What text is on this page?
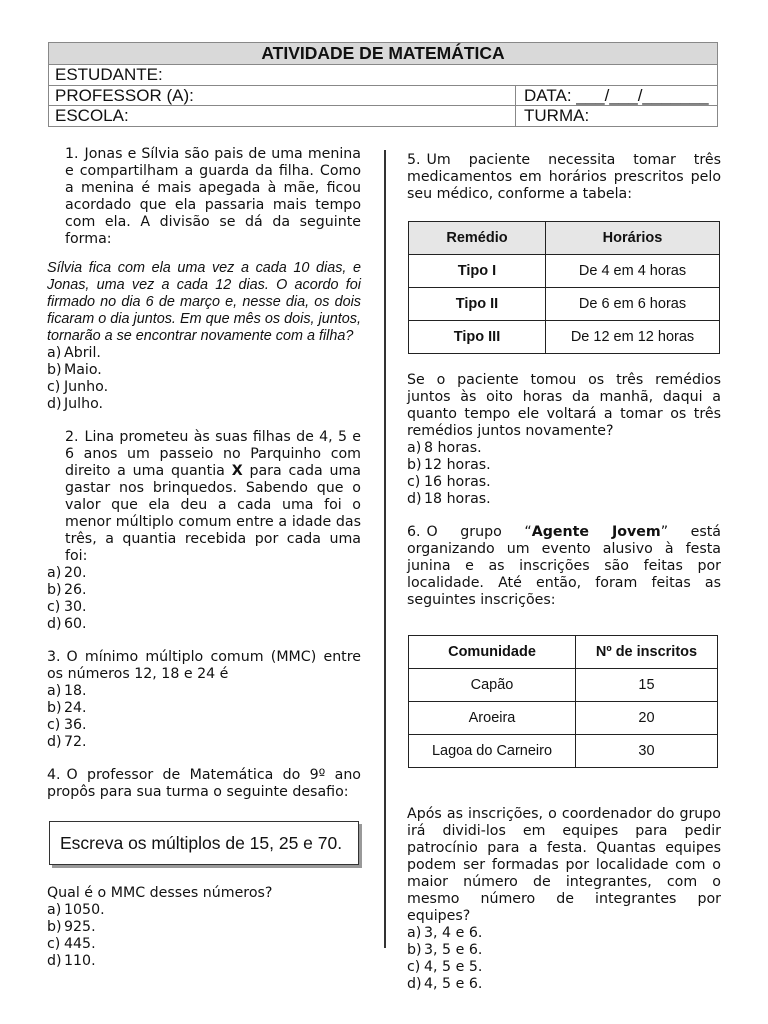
ATIVIDADE DE MATEMÁTICA
ESTUDANTE:
PROFESSOR (A):	DATA: ___/___/_______
ESCOLA:	TURMA:

1. Jonas e Sílvia são pais de uma menina e compartilham a guarda da filha. Como a menina é mais apegada à mãe, ficou acordado que ela passaria mais tempo com ela. A divisão se dá da seguinte forma:

Sílvia fica com ela uma vez a cada 10 dias, e Jonas, uma vez a cada 12 dias. O acordo foi firmado no dia 6 de março e, nesse dia, os dois ficaram o dia juntos. Em que mês os dois, juntos, tornarão a se encontrar novamente com a filha?

a) Abril.
b) Maio.
c) Junho.
d) Julho.

2. Lina prometeu às suas filhas de 4, 5 e 6 anos um passeio no Parquinho com direito a uma quantia X para cada uma gastar nos brinquedos. Sabendo que o valor que ela deu a cada uma foi o menor múltiplo comum entre a idade das três, a quantia recebida por cada uma foi:

a) 20.
b) 26.
c) 30.
d) 60.

3. O mínimo múltiplo comum (MMC) entre os números 12, 18 e 24 é

a) 18.
b) 24.
c) 36.
d) 72.

4. O professor de Matemática do 9º ano propôs para sua turma o seguinte desafio:

Escreva os múltiplos de 15, 25 e 70.

Qual é o MMC desses números?

a) 1050.
b) 925.
c) 445.
d) 110.

5. Um paciente necessita tomar três medicamentos em horários prescritos pelo seu médico, conforme a tabela:

Remédio	Horários
Tipo I	De 4 em 4 horas
Tipo II	De 6 em 6 horas
Tipo III	De 12 em 12 horas

Se o paciente tomou os três remédios juntos às oito horas da manhã, daqui a quanto tempo ele voltará a tomar os três remédios juntos novamente?

a) 8 horas.
b) 12 horas.
c) 16 horas.
d) 18 horas.

6. O grupo “Agente Jovem” está organizando um evento alusivo à festa junina e as inscrições são feitas por localidade. Até então, foram feitas as seguintes inscrições:

Comunidade	Nº de inscritos
Capão	15
Aroeira	20
Lagoa do Carneiro	30

Após as inscrições, o coordenador do grupo irá dividi-los em equipes para pedir patrocínio para a festa. Quantas equipes podem ser formadas por localidade com o maior número de integrantes, com o mesmo número de integrantes por equipes?

a) 3, 4 e 6.
b) 3, 5 e 6.
c) 4, 5 e 5.
d) 4, 5 e 6.
